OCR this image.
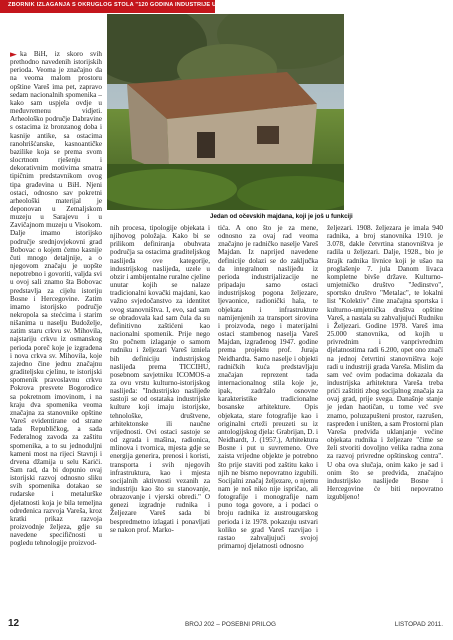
ZBORNIK IZLAGANJA S OKRUGLOG STOLA "120 GODINA INDUSTRIJE U VAREŠU"
Jedan od očevskih majdana, koji je još u funkciji
► ka BiH, iz skoro svih prethodno navedenih istorijskih perioda. Veoma je značajno da na veoma malom prostoru opštine Vareš ima pet, zapravo sedam nacionalnih spomenika – kako sam uspjela ovdje u međuvremenu vidjeti. Arheološko područje Dabravine s ostacima iz bronzanog doba i kasnije antike, sa ostacima ranohrišćanske, kasnoantičke bazilike koja se prema svom slocrtnom rješenju i dekorativnim motivima smatra tipičnim predstavnikom ovog tipa građevina u BiH. Njeni ostaci, odnosno sav pokretni arheološki materijal je deponovan u Zemaljskom muzeju u Sarajevu i u Zavičajnom muzeju u Visokom. Dalje imamo istorijsko područje srednjovjekovni grad Bobovac o kojem ćemo kasnije čuti mnogo detaljnije, a o njegovom značaju je uopšte nepotrebno i govoriti, valjda svi u ovoj sali znamo šta Bobovac predstavlja za cijelu istoriju Bosne i Hercegovine. Zatim imamo istorijsko područje nekropola sa stećcima i starim nišanima u naselju Budoželje, zatim staru crkvu sv. Mihovila, najstariju crkvu iz osmanskog perioda poreč koje je izgrađena i nova crkva sv. Mihovila, koje zajedno čine jednu značajnu graditeljsku cjelinu, te istorijski spomenik pravoslavnu crkvu Pokrova presvete Bogorodice sa pokretnom imovinom, i na kraju dva spomenika veoma značajna za stanovnike opštine Vareš evidentirane od strane tada Republičkog, a sada Federalnog zavoda za zaštitu spomenika, a to su jednoduljni kameni most na rijeci Stavnji i drvena džamija u selu Karići. Sam rad, da bi dopunio ovaj istorijski razvoj odnosno sliku svih spomenika dotakao se rudarske i metalurške djelatnosti koja je bila temelјna određenica razvoja Varešа, kroz kratki prikaz razvoja proizvodnje željeza, gdje su navedene specifičnosti u pogledu tehnologije proizvod-
nih procesa, tipologije objekata i njihovog položaja. Kako bi se prilikom definiranja obuhvata područja sa ostacima graditeljskog naslijeđa ove kategorije, industrijskog naslijeđa, uzele u obzir i ambijentalne ruralne cjeline unutar kojih se nalaze tradicionalni kovački majdani, kao važno svjedočanstvo za identitet ovog stanovništva. I, evo, sad sam se obradovala kad sam čula da su definitivno zaštićeni kao nacionalni spomenik. Prije nego što počnem izlaganje o samom rudniku i željezari Vareš izniela bih definiciju industrijskog naslijeđa prema TICCIHU, posebnom savjetniku ICOMOS-a za ovu vrstu kulturno-istorijskog naslijeđa: "Industrijsko naslijeđe sastoji se od ostataka industrijske kulture koji imaju istorijske, tehnološke, društvene, arhitektonske ili naučne vrijednosti. Ovi ostaci sastoje se od zgrada i mašina, radionica, mlinova i tvornica, mjesta gdje se energija generira, prenosi i koristi, transporta i svih njegovih infrastruktura, kao i mjesta socijalnih aktivnosti vezanih za industriju kao što su stanovanje, obrazovanje i vjerski obredi." O genezi izgradnje rudnika i Željezare Vareš sada bi bespredmetno izlagati i ponavljati se nakon prof. Marko-
tića. A ono što je za mene, odnosno za ovaj rad veoma značajno je radničko naselje Vareš Majdan. Iz napriјed navedene definicije dolazi se do zaključka da integralnom naslijeđu iz perioda industrijalizacije ne pripadaju samo ostaci industrijskog pogona željezare, ljevaonice, radionički hala, te objekata i infrastrukture namijenjenih za transport sirovina i proizvoda, nego i materijalni ostaci stambenog naselja Vareš Majdan, izgrađenog 1947. godine prema projektu prof. Juraja Neidhardta. Samo naselje i objekti radničkih kuća predstavljaju značajan reprezent tada internacionalnog stila koje je, ipak, zadržalo osnovne karakteristike tradicionalne bosanske arhitekture. Opis objekata, stare fotografije kao i originalni crteži preuzeti su iz antologijskog djela: Grabrijan, D. i Neidhardt, J. (1957.), Arhitektura Bosne i put u suvremeno. Ove zaista vrijedne objekte je potrebno što prije staviti pod zaštitu kako i njih ne bismo nepovratno izgubili. Socijalni značaj željezare, o njemu nam je noš niko nije ispričao, ali fotografije i monografije nam puno toga govore, a i podaci o broju radnika iz austrougarskog perioda i iz 1978. pokazuju ustvari koliko se grad Vareš razvijao i rastao zahvaljujući svojoj primarnoj djelatnosti odnosno
željezari. 1908. željezara je imala 940 radnika, a broj stanovnika 1910. je 3.078, dakle četvrtina stanovništva je radila u željezari. Dalje, 1928., bio je štrajk radnika livnice koji je ušao na proglašenje 7. jula Danom livaca kompletne bivše države. Kulturno-umjetničko društvo "Jedinstvo", sportsko društvo "Metalac", te lokalni list "Kolektiv" čine značajna sportska i kulturno-umjetnička društva opštine Vareš, a nastala su zahvaljujući Rudniku i Željezari. Godine 1978. Vareš ima 25.000 stanovnika, od kojih u privrednim i vanprivrednim djelatnostima radi 6.200, opet ono značí na jednoj četvrtini stanovništva koje radi u industriji grada Vareša. Mislim da sam već ovim podacima dokazala da industrijska arhitektura Vareša treba prići zaštititi zbog socijalnog značaja za ovaj grad, prije svega. Današnje stanje je jedan haotičan, u tome već sve znamo, poluzapušteni prostor, razrušen, raspređen i uništen, a sam Prostorni plan Vareša predviđa uklanjanje većine objekata rudnika i željezare "čime se želi stvoriti dovoljno velika radna zona za razvoj privredne opštinskog centra". U oba ova slučaja, onim kako je sad i onim što se predviđa, značajno industrijsko naslijeđe Bosne i Hercegovine će biti nepovratno izgubljeno!
12	BROJ 202 – POSEBNI PRILOG	LISTOPAD 2011.
